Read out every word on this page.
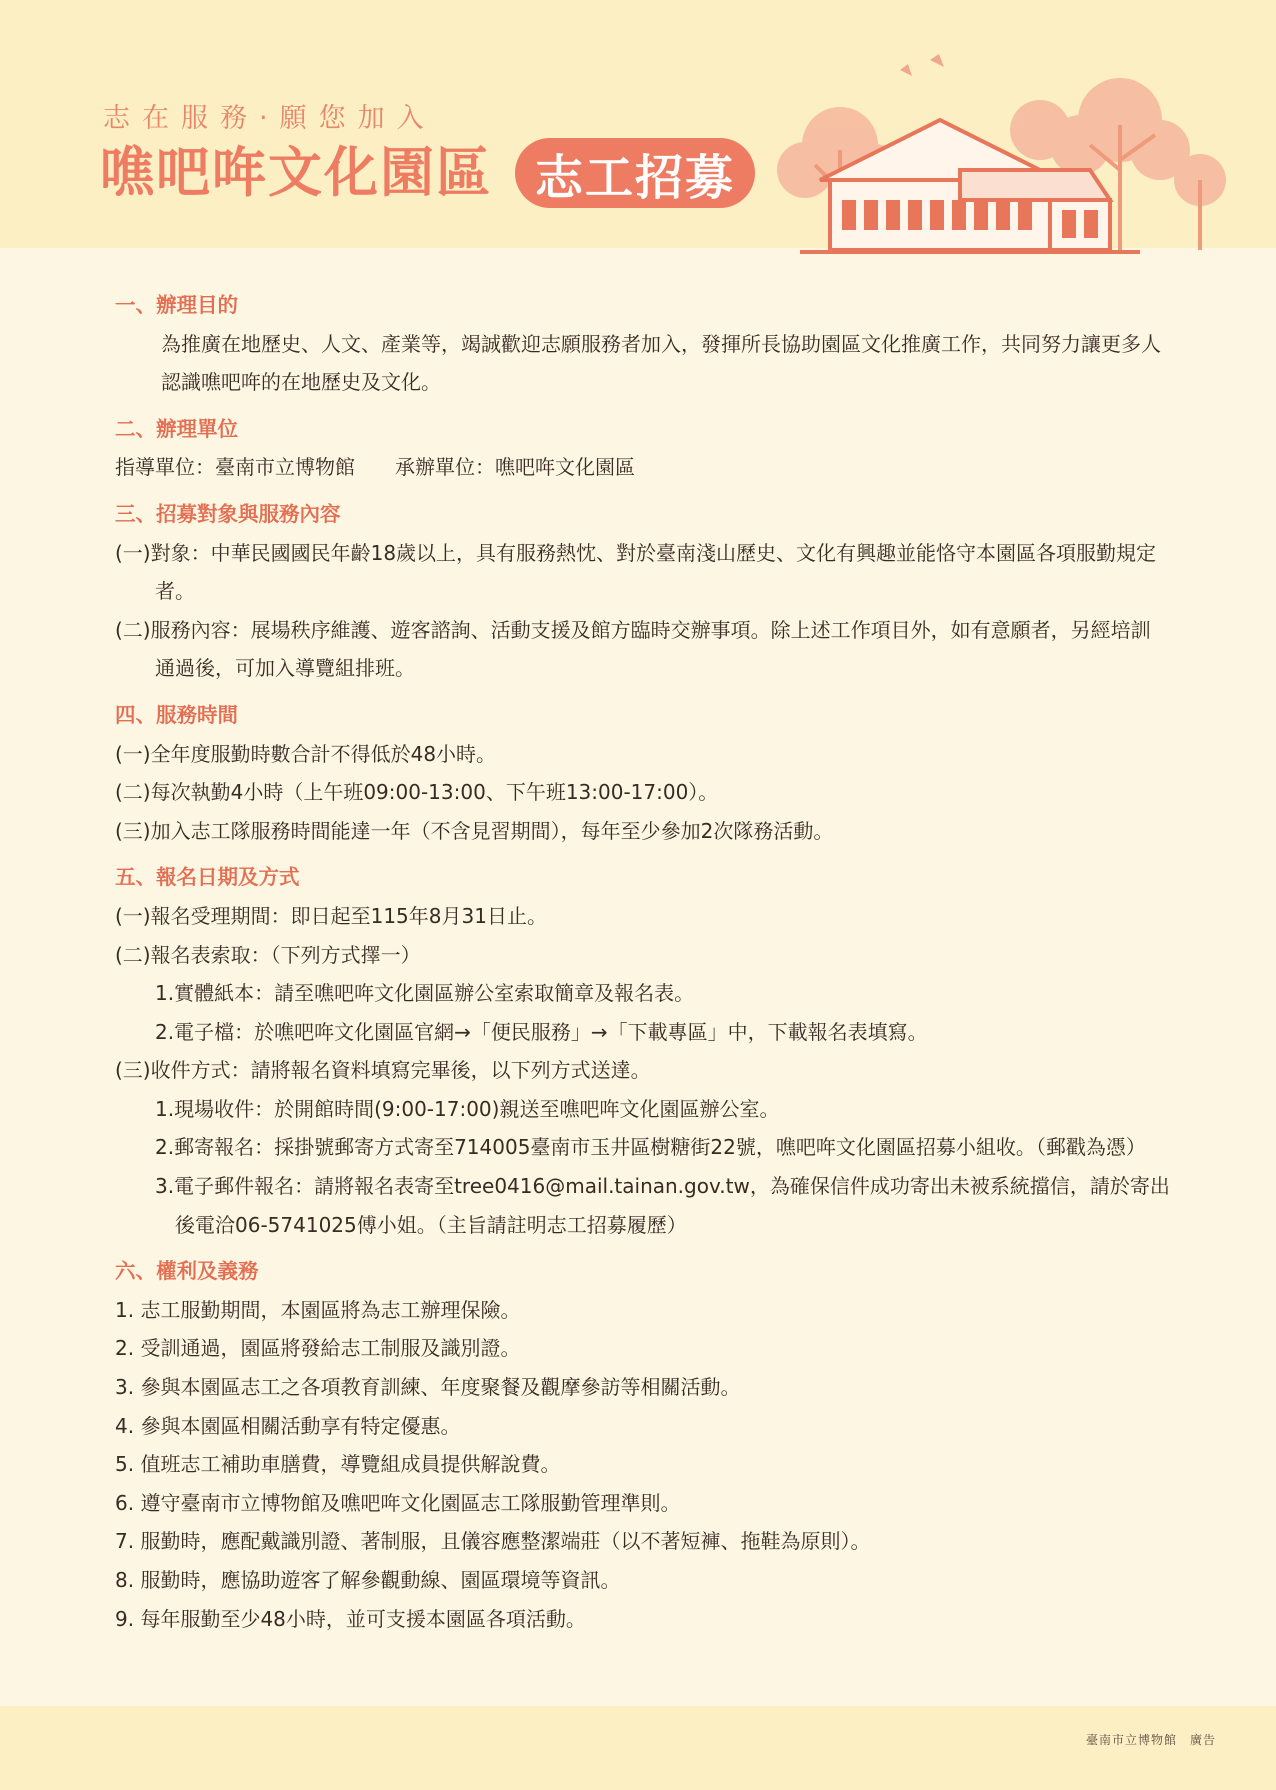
志在服務‧願您加入
噍吧哖文化園區 志工招募
一、辦理目的

為推廣在地歷史、人文、產業等，竭誠歡迎志願服務者加入，發揮所長協助園區文化推廣工作，共同努力讓更多人認識噍吧哖的在地歷史及文化。

二、辦理單位

指導單位：臺南市立博物館　　承辦單位：噍吧哖文化園區

三、招募對象與服務內容

(一)對象：中華民國國民年齡18歲以上，具有服務熱忱、對於臺南淺山歷史、文化有興趣並能恪守本園區各項服勤規定者。

(二)服務內容：展場秩序維護、遊客諮詢、活動支援及館方臨時交辦事項。除上述工作項目外，如有意願者，另經培訓通過後，可加入導覽組排班。

四、服務時間

(一)全年度服勤時數合計不得低於48小時。

(二)每次執勤4小時（上午班09:00-13:00、下午班13:00-17:00）。

(三)加入志工隊服務時間能達一年（不含見習期間），每年至少參加2次隊務活動。

五、報名日期及方式

(一)報名受理期間：即日起至115年8月31日止。

(二)報名表索取：（下列方式擇一）

1.實體紙本：請至噍吧哖文化園區辦公室索取簡章及報名表。

2.電子檔：於噍吧哖文化園區官網→「便民服務」→「下載專區」中，下載報名表填寫。

(三)收件方式：請將報名資料填寫完畢後，以下列方式送達。

1.現場收件：於開館時間(9:00-17:00)親送至噍吧哖文化園區辦公室。

2.郵寄報名：採掛號郵寄方式寄至714005臺南市玉井區樹糖街22號，噍吧哖文化園區招募小組收。（郵戳為憑）

3.電子郵件報名：請將報名表寄至tree0416@mail.tainan.gov.tw，為確保信件成功寄出未被系統擋信，請於寄出後電洽06-5741025傅小姐。（主旨請註明志工招募履歷）

六、權利及義務

1. 志工服勤期間，本園區將為志工辦理保險。

2. 受訓通過，園區將發給志工制服及識別證。

3. 參與本園區志工之各項教育訓練、年度聚餐及觀摩參訪等相關活動。

4. 參與本園區相關活動享有特定優惠。

5. 值班志工補助車膳費，導覽組成員提供解說費。

6. 遵守臺南市立博物館及噍吧哖文化園區志工隊服勤管理準則。

7. 服勤時，應配戴識別證、著制服，且儀容應整潔端莊（以不著短褲、拖鞋為原則）。

8. 服勤時，應協助遊客了解參觀動線、園區環境等資訊。

9. 每年服勤至少48小時，並可支援本園區各項活動。

臺南市立博物館　廣告
